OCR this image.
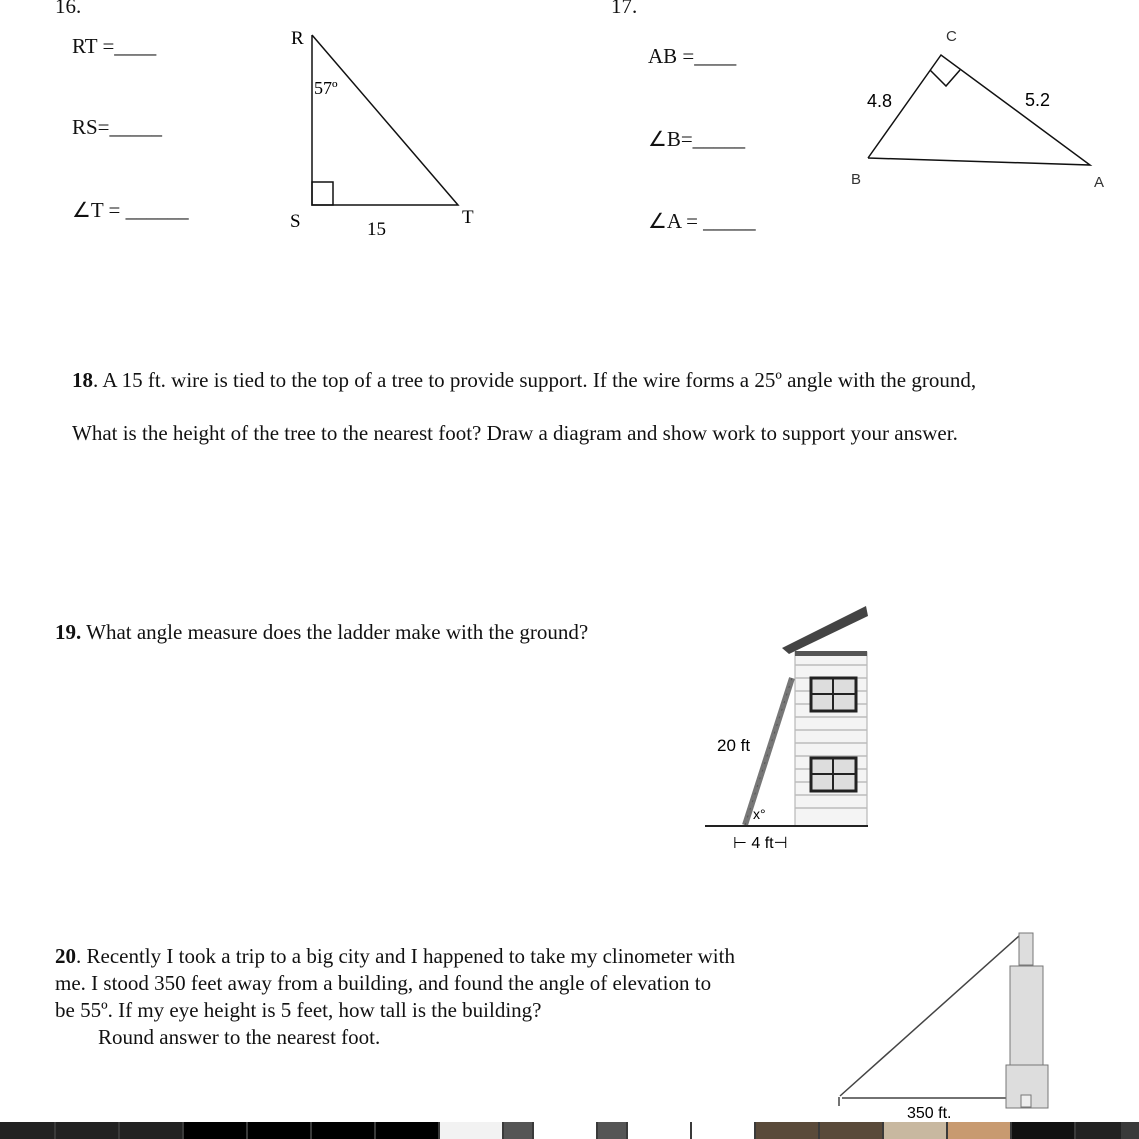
16.
RT =____
RS=_____
∠T = ______
R
57º
S	T
15
C
B	A
4.8	5.2
20 ft
x°
⊢ 4 ft⊣
350 ft.
17.
AB =____
∠B=_____
∠A = _____
18. A 15 ft. wire is tied to the top of a tree to provide support. If the wire forms a 25º angle with the ground,
What is the height of the tree to the nearest foot? Draw a diagram and show work to support your answer.
19. What angle measure does the ladder make with the ground?
20. Recently I took a trip to a big city and I happened to take my clinometer with
me. I stood 350 feet away from a building, and found the angle of elevation to
be 55º. If my eye height is 5 feet, how tall is the building?
Round answer to the nearest foot.
